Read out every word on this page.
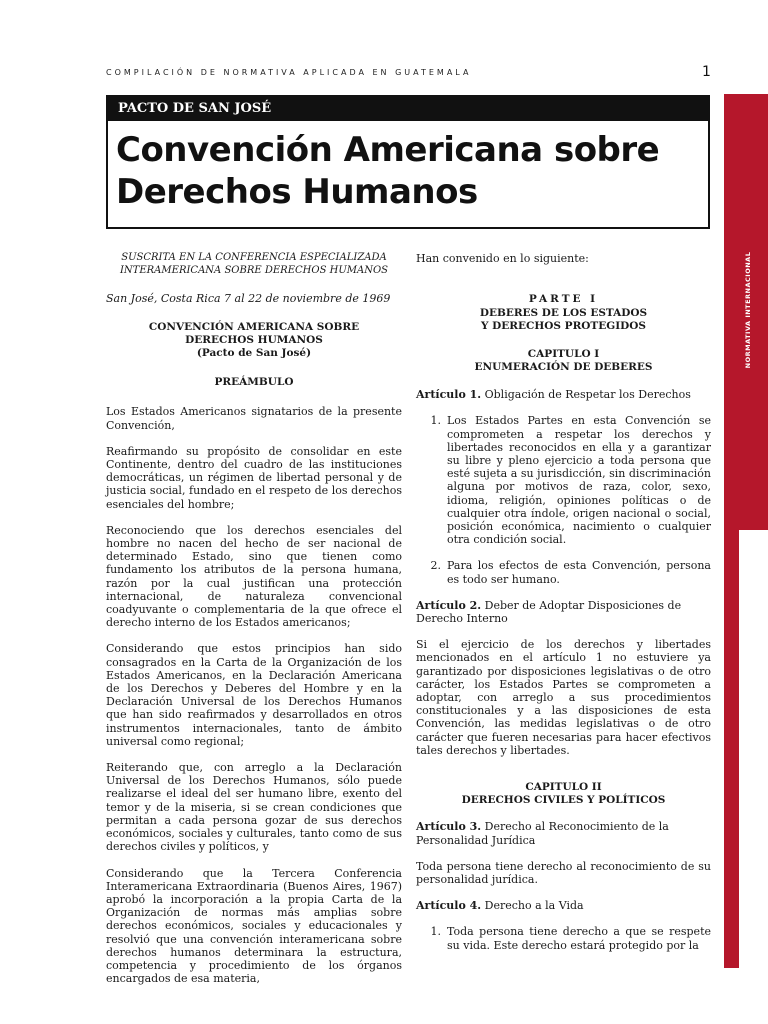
COMPILACIÓN DE NORMATIVA APLICADA EN GUATEMALA	1
NORMATIVA INTERNACIONAL
PACTO DE SAN JOSÉ
Convención Americana sobre
Derechos Humanos

SUSCRITA EN LA CONFERENCIA ESPECIALIZADA
INTERAMERICANA SOBRE DERECHOS HUMANOS

San José, Costa Rica 7 al 22 de noviembre de 1969

CONVENCIÓN AMERICANA SOBRE
DERECHOS HUMANOS
(Pacto de San José)

PREÁMBULO

Los Estados Americanos signatarios de la presente Convención,

Reafirmando su propósito de consolidar en este Continente, dentro del cuadro de las instituciones democráticas, un régimen de libertad personal y de justicia social, fundado en el respeto de los derechos esenciales del hombre;

Reconociendo que los derechos esenciales del hombre no nacen del hecho de ser nacional de determinado Estado, sino que tienen como fundamento los atributos de la persona humana, razón por la cual justifican una protección internacional, de naturaleza convencional coadyuvante o complementaria de la que ofrece el derecho interno de los Estados americanos;

Considerando que estos principios han sido consagrados en la Carta de la Organización de los Estados Americanos, en la Declaración Americana de los Derechos y Deberes del Hombre y en la Declaración Universal de los Derechos Humanos que han sido reafirmados y desarrollados en otros instrumentos internacionales, tanto de ámbito universal como regional;

Reiterando que, con arreglo a la Declaración Universal de los Derechos Humanos, sólo puede realizarse el ideal del ser humano libre, exento del temor y de la miseria, si se crean condiciones que permitan a cada persona gozar de sus derechos económicos, sociales y culturales, tanto como de sus derechos civiles y políticos, y

Considerando que la Tercera Conferencia Interamericana Extraordinaria (Buenos Aires, 1967) aprobó la incorporación a la propia Carta de la Organización de normas más amplias sobre derechos económicos, sociales y educacionales y resolvió que una convención interamericana sobre derechos humanos determinara la estructura, competencia y procedimiento de los órganos encargados de esa materia,

Han convenido en lo siguiente:

PARTE I
DEBERES DE LOS ESTADOS
Y DERECHOS PROTEGIDOS

CAPITULO I
ENUMERACIÓN DE DEBERES

Artículo 1. Obligación de Respetar los Derechos

1. Los Estados Partes en esta Convención se comprometen a respetar los derechos y libertades reconocidos en ella y a garantizar su libre y pleno ejercicio a toda persona que esté sujeta a su jurisdicción, sin discriminación alguna por motivos de raza, color, sexo, idioma, religión, opiniones políticas o de cualquier otra índole, origen nacional o social, posición económica, nacimiento o cualquier otra condición social.
2. Para los efectos de esta Convención, persona es todo ser humano.

Artículo 2. Deber de Adoptar Disposiciones de Derecho Interno

Si el ejercicio de los derechos y libertades mencionados en el artículo 1 no estuviere ya garantizado por disposiciones legislativas o de otro carácter, los Estados Partes se comprometen a adoptar, con arreglo a sus procedimientos constitucionales y a las disposiciones de esta Convención, las medidas legislativas o de otro carácter que fueren necesarias para hacer efectivos tales derechos y libertades.

CAPITULO II
DERECHOS CIVILES Y POLÍTICOS

Artículo 3. Derecho al Reconocimiento de la Personalidad Jurídica

Toda persona tiene derecho al reconocimiento de su personalidad jurídica.

Artículo 4. Derecho a la Vida

1. Toda persona tiene derecho a que se respete su vida. Este derecho estará protegido por la
